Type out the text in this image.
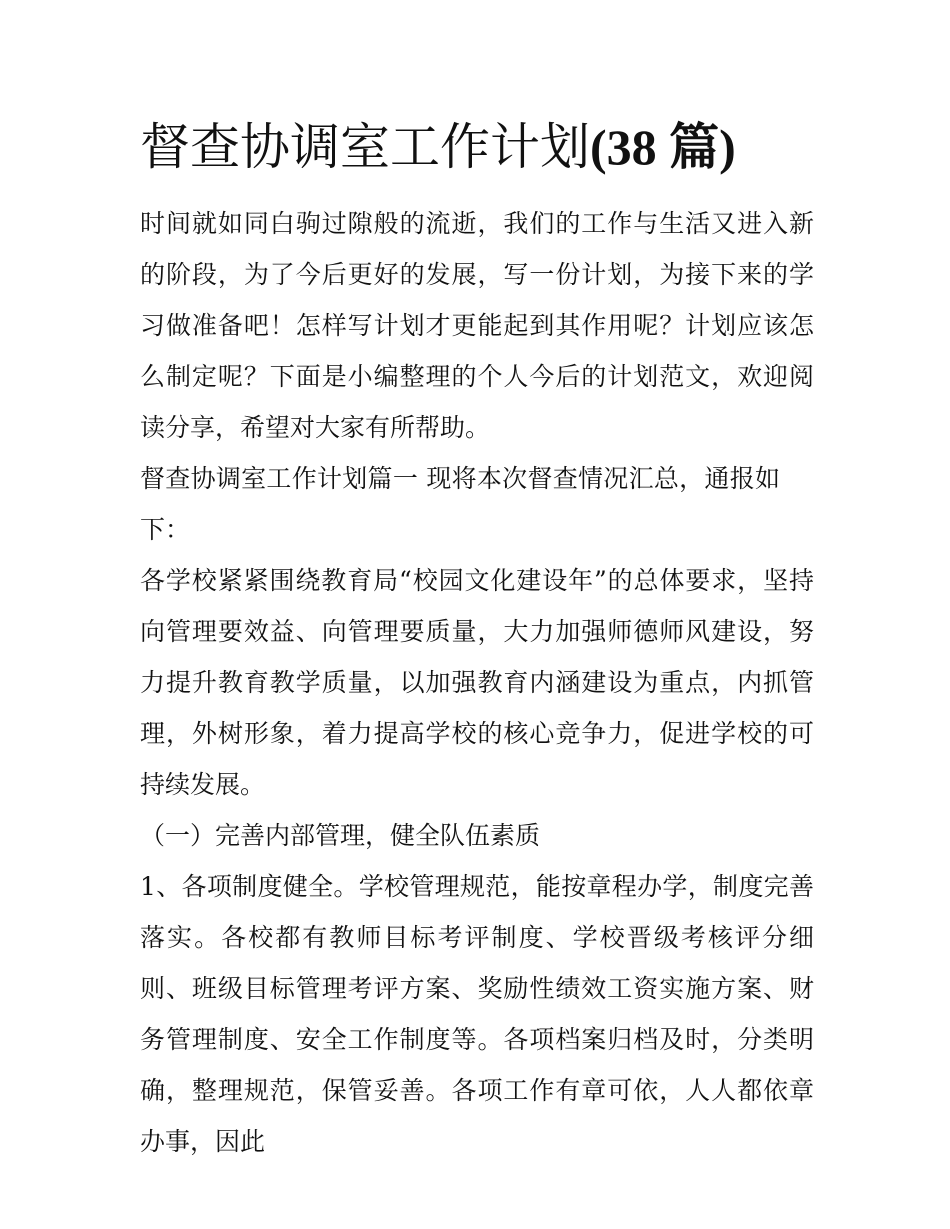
督查协调室工作计划(38 篇)

时间就如同白驹过隙般的流逝，我们的工作与生活又进入新的阶段，为了今后更好的发展，写一份计划，为接下来的学习做准备吧！怎样写计划才更能起到其作用呢？计划应该怎么制定呢？下面是小编整理的个人今后的计划范文，欢迎阅读分享，希望对大家有所帮助。

督查协调室工作计划篇一 现将本次督查情况汇总，通报如下：

各学校紧紧围绕教育局“校园文化建设年”的总体要求，坚持向管理要效益、向管理要质量，大力加强师德师风建设，努力提升教育教学质量，以加强教育内涵建设为重点，内抓管理，外树形象，着力提高学校的核心竞争力，促进学校的可持续发展。

（一）完善内部管理，健全队伍素质

1、各项制度健全。学校管理规范，能按章程办学，制度完善落实。各校都有教师目标考评制度、学校晋级考核评分细则、班级目标管理考评方案、奖励性绩效工资实施方案、财务管理制度、安全工作制度等。各项档案归档及时，分类明确，整理规范，保管妥善。各项工作有章可依，人人都依章办事，因此
